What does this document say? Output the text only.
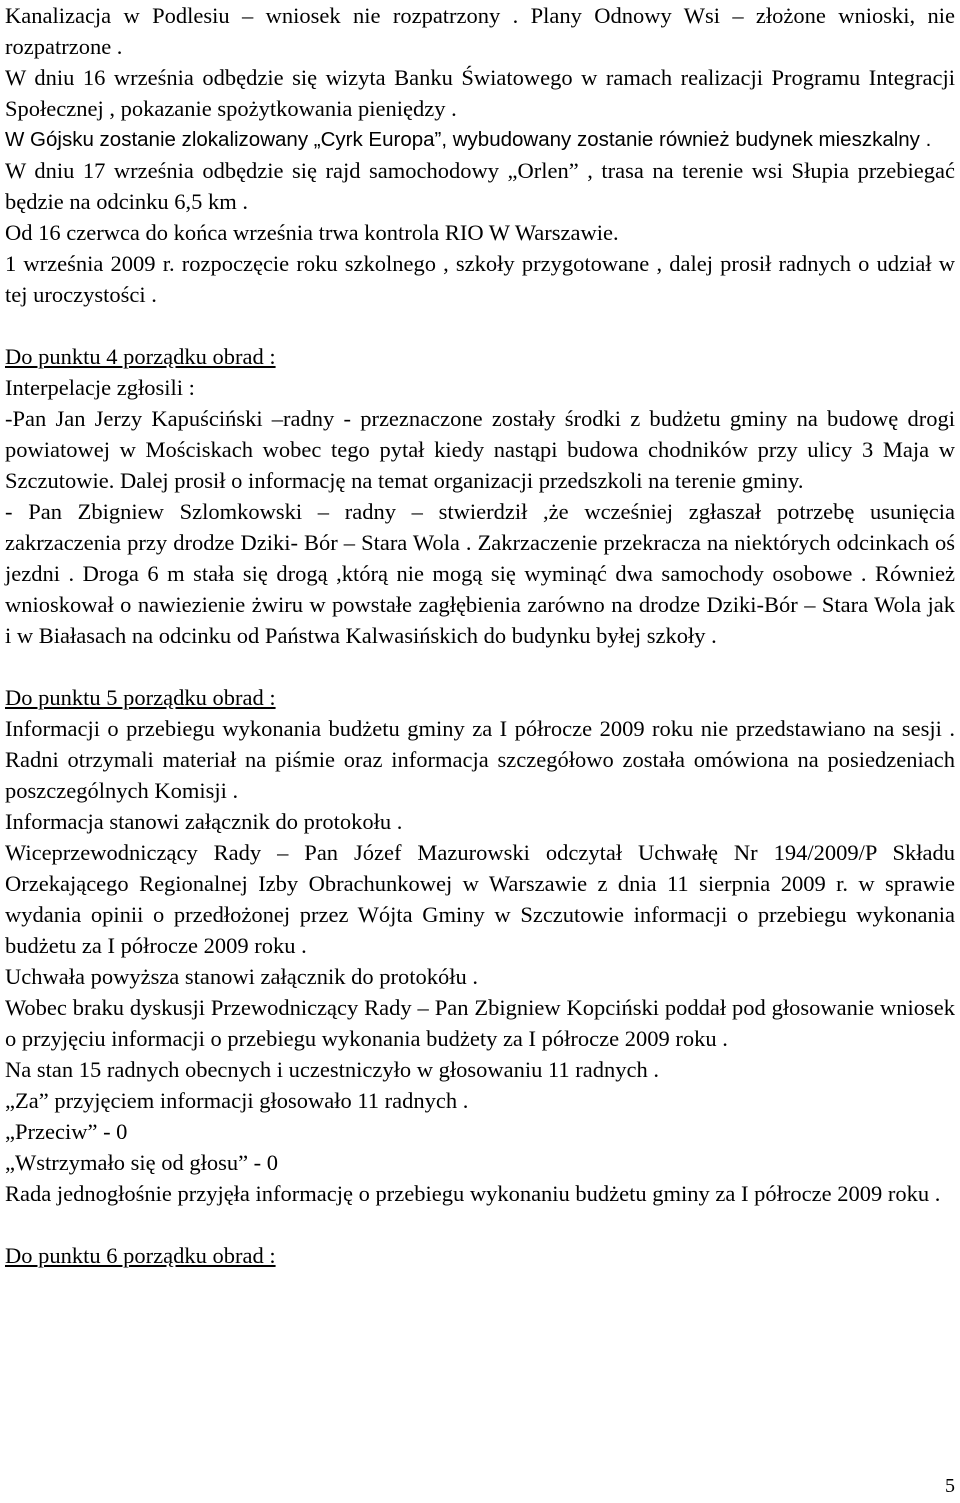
Kanalizacja w Podlesiu – wniosek nie rozpatrzony . Plany Odnowy Wsi – złożone wnioski, nie rozpatrzone .

W dniu 16 września odbędzie się wizyta Banku Światowego w ramach realizacji Programu Integracji Społecznej , pokazanie spożytkowania pieniędzy .

W Gójsku zostanie zlokalizowany „Cyrk Europa”, wybudowany zostanie również budynek mieszkalny .

W dniu 17 września odbędzie się rajd samochodowy „Orlen” , trasa na terenie wsi Słupia przebiegać będzie na odcinku 6,5 km .

Od 16 czerwca do końca września trwa kontrola RIO W Warszawie.

1 września 2009 r. rozpoczęcie roku szkolnego , szkoły przygotowane , dalej prosił radnych o udział w tej uroczystości .

Do punktu 4 porządku obrad :

Interpelacje zgłosili :

-Pan Jan Jerzy Kapuściński –radny - przeznaczone zostały środki z budżetu gminy na budowę drogi powiatowej w Mościskach wobec tego pytał kiedy nastąpi budowa chodników przy ulicy 3 Maja w Szczutowie. Dalej prosił o informację na temat organizacji przedszkoli na terenie gminy.

- Pan Zbigniew Szlomkowski – radny – stwierdził ,że wcześniej zgłaszał potrzebę usunięcia zakrzaczenia przy drodze Dziki- Bór – Stara Wola . Zakrzaczenie przekracza na niektórych odcinkach oś jezdni . Droga 6 m stała się drogą ,którą nie mogą się wyminąć dwa samochody osobowe . Również wnioskował o nawiezienie żwiru w powstałe zagłębienia zarówno na drodze Dziki-Bór – Stara Wola jak i w Białasach na odcinku od Państwa Kalwasińskich do budynku byłej szkoły .

Do punktu 5 porządku obrad :

Informacji o przebiegu wykonania budżetu gminy za I półrocze 2009 roku nie przedstawiano na sesji . Radni otrzymali materiał na piśmie oraz informacja szczegółowo została omówiona na posiedzeniach poszczególnych Komisji .

Informacja stanowi załącznik do protokołu .

Wiceprzewodniczący Rady – Pan Józef Mazurowski odczytał Uchwałę Nr 194/2009/P Składu Orzekającego Regionalnej Izby Obrachunkowej w Warszawie z dnia 11 sierpnia 2009 r. w sprawie wydania opinii o przedłożonej przez Wójta Gminy w Szczutowie informacji o przebiegu wykonania budżetu za I półrocze 2009 roku .

Uchwała powyższa stanowi załącznik do protokółu .

Wobec braku dyskusji Przewodniczący Rady – Pan Zbigniew Kopciński poddał pod głosowanie wniosek o przyjęciu informacji o przebiegu wykonania budżety za I półrocze 2009 roku .

Na stan 15 radnych obecnych i uczestniczyło w głosowaniu 11 radnych .

„Za” przyjęciem informacji głosowało 11 radnych .

„Przeciw” - 0

„Wstrzymało się od głosu” - 0

Rada jednogłośnie przyjęła informację o przebiegu wykonaniu budżetu gminy za I półrocze 2009 roku .

Do punktu 6 porządku obrad :

5
